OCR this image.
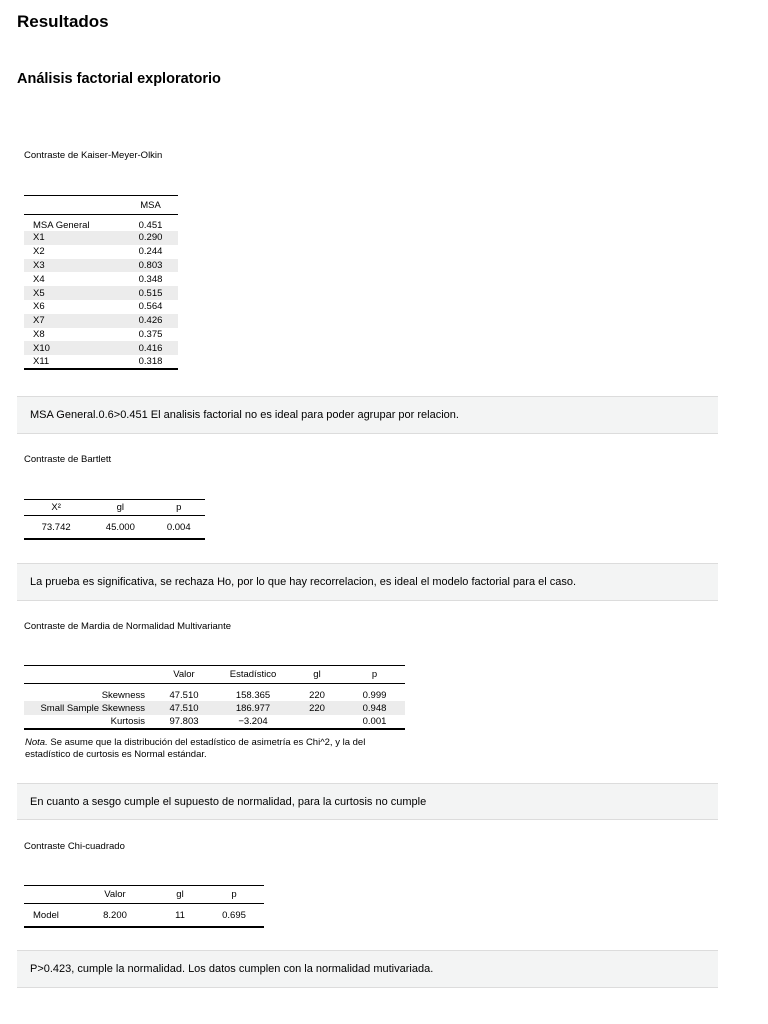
Resultados
Análisis factorial exploratorio
Contraste de Kaiser-Meyer-Olkin
	MSA
MSA General	0.451
X1	0.290
X2	0.244
X3	0.803
X4	0.348
X5	0.515
X6	0.564
X7	0.426
X8	0.375
X10	0.416
X11	0.318
MSA General.0.6>0.451 El analisis factorial no es ideal para poder agrupar por relacion.
Contraste de Bartlett
X²	gl	p
73.742	45.000	0.004
La prueba es significativa, se rechaza Ho, por lo que hay recorrelacion, es ideal el modelo factorial para el caso.
Contraste de Mardia de Normalidad Multivariante
	Valor	Estadístico	gl	p
Skewness	47.510	158.365	220	0.999
Small Sample Skewness	47.510	186.977	220	0.948
Kurtosis	97.803	−3.204		0.001
Nota. Se asume que la distribución del estadístico de asimetría es Chi^2, y la del estadístico de curtosis es Normal estándar.
En cuanto a sesgo cumple el supuesto de normalidad, para la curtosis no cumple
Contraste Chi-cuadrado
	Valor	gl	p
Model	8.200	11	0.695
P>0.423, cumple la normalidad. Los datos cumplen con la normalidad mutivariada.
